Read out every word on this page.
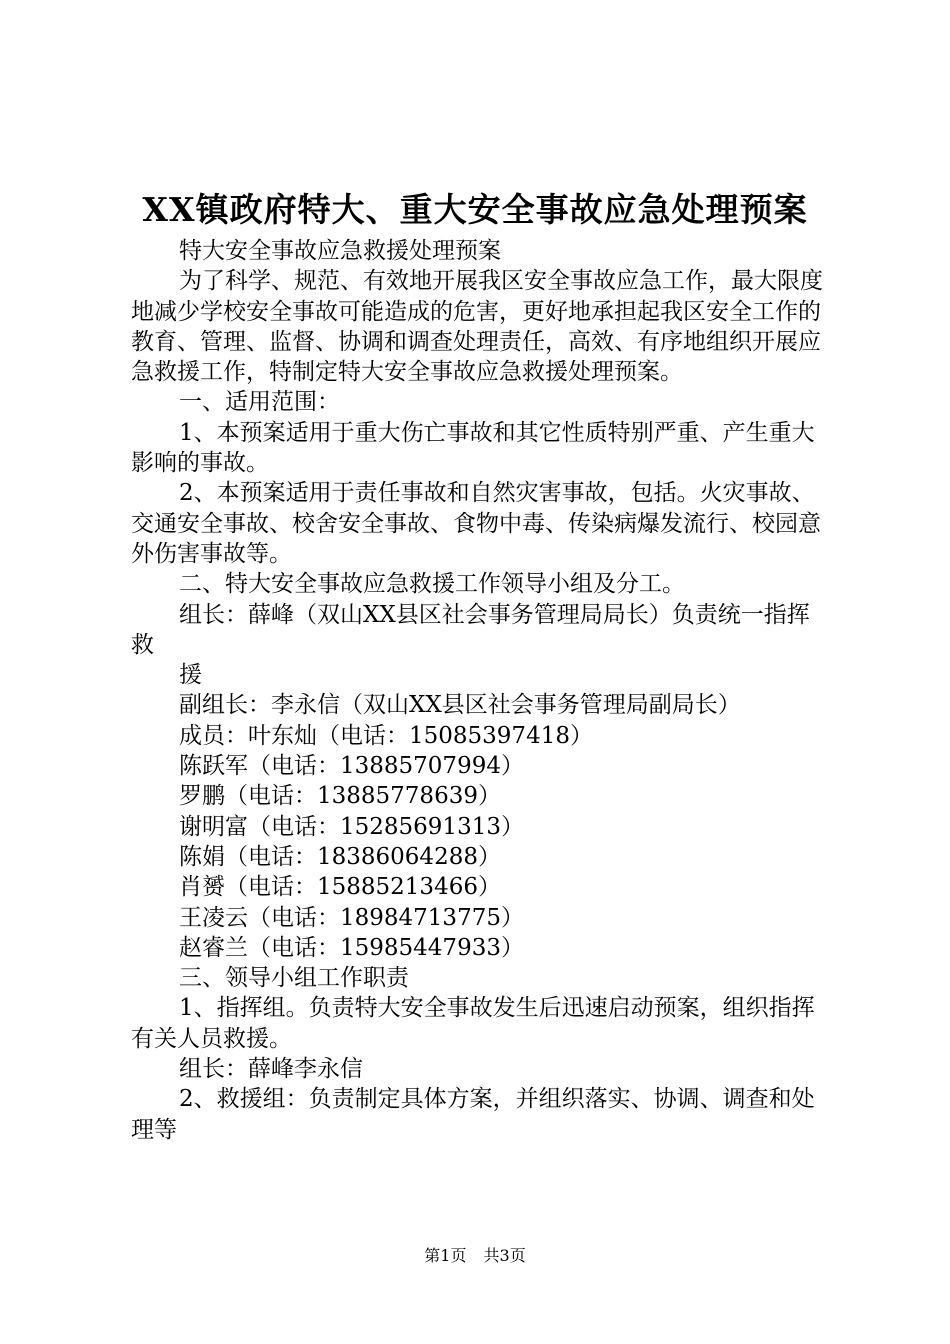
XX镇政府特大、重大安全事故应急处理预案

特大安全事故应急救援处理预案

为了科学、规范、有效地开展我区安全事故应急工作，最大限度地减少学校安全事故可能造成的危害，更好地承担起我区安全工作的教育、管理、监督、协调和调查处理责任，高效、有序地组织开展应急救援工作，特制定特大安全事故应急救援处理预案。

一、适用范围：

1、本预案适用于重大伤亡事故和其它性质特别严重、产生重大影响的事故。

2、本预案适用于责任事故和自然灾害事故，包括。火灾事故、交通安全事故、校舍安全事故、食物中毒、传染病爆发流行、校园意外伤害事故等。

二、特大安全事故应急救援工作领导小组及分工。

组长：薛峰（双山XX县区社会事务管理局局长）负责统一指挥救

援

副组长：李永信（双山XX县区社会事务管理局副局长）

成员：叶东灿（电话：15085397418）

陈跃军（电话：13885707994）

罗鹏（电话：13885778639）

谢明富（电话：15285691313）

陈娟（电话：18386064288）

肖赟（电话：15885213466）

王凌云（电话：18984713775）

赵睿兰（电话：15985447933）

三、领导小组工作职责

1、指挥组。负责特大安全事故发生后迅速启动预案，组织指挥有关人员救援。

组长：薛峰李永信

2、救援组：负责制定具体方案，并组织落实、协调、调查和处理等

第1页 共3页
